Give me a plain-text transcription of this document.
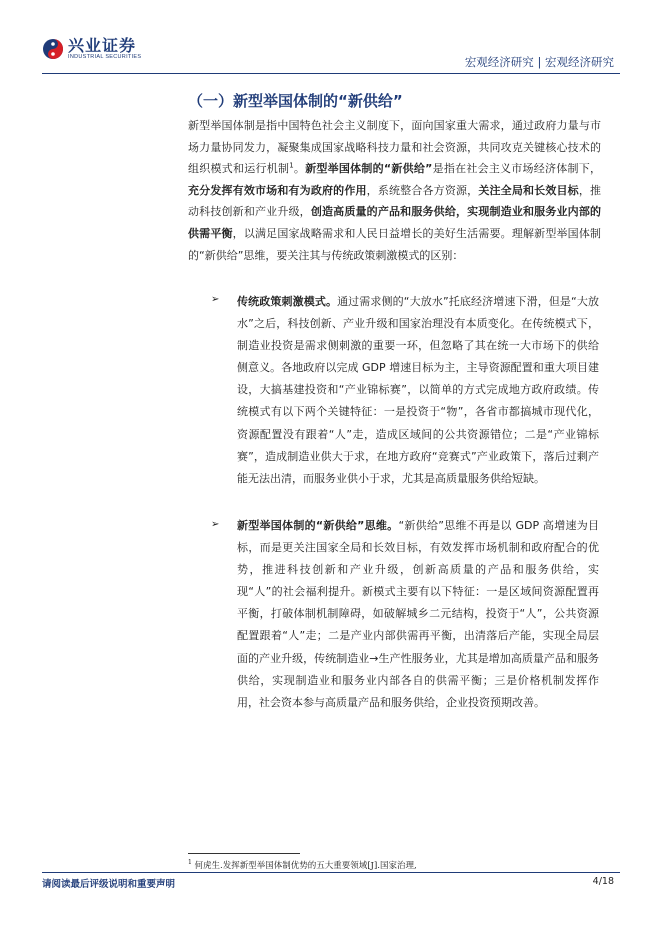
兴业证券
INDUSTRIAL SECURITIES	宏观经济研究 | 宏观经济研究
（一）新型举国体制的“新供给”
新型举国体制是指中国特色社会主义制度下，面向国家重大需求，通过政府力量与市场力量协同发力，凝聚集成国家战略科技力量和社会资源，共同攻克关键核心技术的组织模式和运行机制$^1$。新型举国体制的“新供给”是指在社会主义市场经济体制下，充分发挥有效市场和有为政府的作用，系统整合各方资源，关注全局和长效目标，推动科技创新和产业升级，创造高质量的产品和服务供给，实现制造业和服务业内部的供需平衡，以满足国家战略需求和人民日益增长的美好生活需要。理解新型举国体制的“新供给”思维，要关注其与传统政策刺激模式的区别：
➢ 传统政策刺激模式。通过需求侧的“大放水”托底经济增速下滑，但是“大放水”之后，科技创新、产业升级和国家治理没有本质变化。在传统模式下，制造业投资是需求侧刺激的重要一环，但忽略了其在统一大市场下的供给侧意义。各地政府以完成 GDP 增速目标为主，主导资源配置和重大项目建设，大搞基建投资和“产业锦标赛”，以简单的方式完成地方政府政绩。传统模式有以下两个关键特征：一是投资于“物”，各省市都搞城市现代化，资源配置没有跟着“人”走，造成区域间的公共资源错位；二是“产业锦标赛”，造成制造业供大于求，在地方政府“竞赛式”产业政策下，落后过剩产能无法出清，而服务业供小于求，尤其是高质量服务供给短缺。
➢ 新型举国体制的“新供给”思维。“新供给”思维不再是以 GDP 高增速为目标，而是更关注国家全局和长效目标，有效发挥市场机制和政府配合的优势，推进科技创新和产业升级，创新高质量的产品和服务供给，实现“人”的社会福利提升。新模式主要有以下特征：一是区域间资源配置再平衡，打破体制机制障碍，如破解城乡二元结构，投资于“人”，公共资源配置跟着“人”走；二是产业内部供需再平衡，出清落后产能，实现全局层面的产业升级，传统制造业→生产性服务业，尤其是增加高质量产品和服务供给，实现制造业和服务业内部各自的供需平衡；三是价格机制发挥作用，社会资本参与高质量产品和服务供给，企业投资预期改善。
$^1$ 何虎生.发挥新型举国体制优势的五大重要领域[J].国家治理,
请阅读最后评级说明和重要声明	4/18
